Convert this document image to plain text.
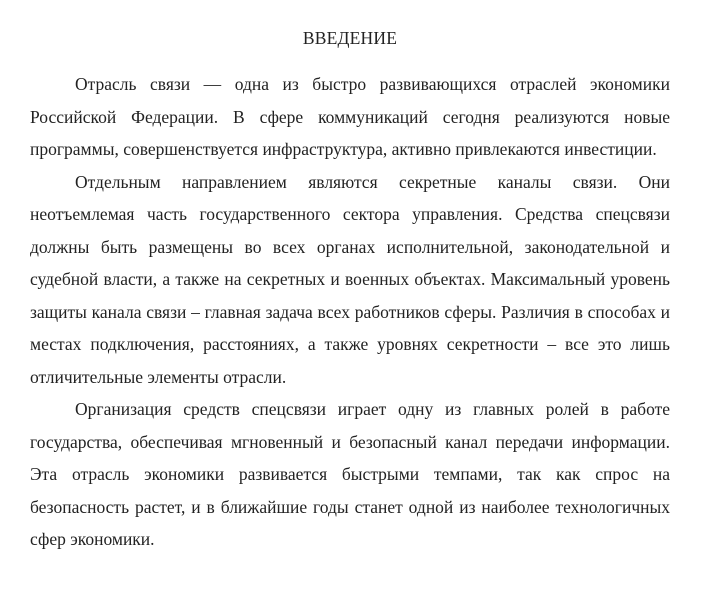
ВВЕДЕНИЕ

Отрасль связи — одна из быстро развивающихся отраслей экономики Российской Федерации. В сфере коммуникаций сегодня реализуются новые программы, совершенствуется инфраструктура, активно привлекаются инвестиции.

Отдельным направлением являются секретные каналы связи. Они неотъемлемая часть государственного сектора управления. Средства спецсвязи должны быть размещены во всех органах исполнительной, законодательной и судебной власти, а также на секретных и военных объектах. Максимальный уровень защиты канала связи – главная задача всех работников сферы. Различия в способах и местах подключения, расстояниях, а также уровнях секретности – все это лишь отличительные элементы отрасли.

Организация средств спецсвязи играет одну из главных ролей в работе государства, обеспечивая мгновенный и безопасный канал передачи информации. Эта отрасль экономики развивается быстрыми темпами, так как спрос на безопасность растет, и в ближайшие годы станет одной из наиболее технологичных сфер экономики.
